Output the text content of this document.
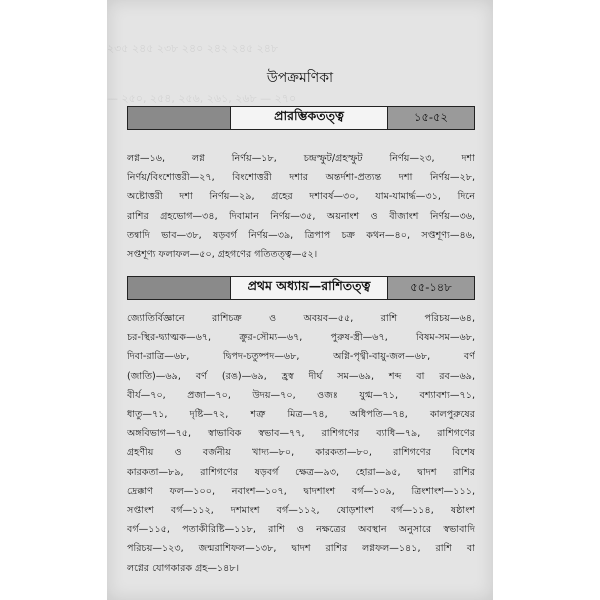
২৩৫ ২৪৫ ২৩৮ ২৪০ ২৪২ ২৪৫ ২৪৮
— ২৫০, ২৫৪, ২৫৬, ২৬১, ২৬৮ — ২৭০
উপক্রমণিকা
প্রারম্ভিকতত্ত্ব	১৫-৫২
লগ্ন—১৬, লগ্ন নির্ণয়—১৮, চন্দ্রস্ফুট/গ্রহস্ফুট নির্ণয়—২৩, দশা
নির্ণয়/বিংশোত্তরী—২৭, বিংশোত্তরী দশার অন্তর্দশা-প্রত্যন্ত দশা নির্ণয়—২৮,
অষ্টোত্তরী দশা নির্ণয়—২৯, গ্রহের দশাবর্ষ—৩০, যাম-যামার্দ্ধ—৩১, দিনে
রাশির গ্রহভোগ—৩৪, দিবামান নির্ণয়—৩৫, অয়নাংশ ও বীজাংশ নির্ণয়—৩৬,
তন্বাদি ভাব—৩৮, ষড়বর্গ নির্ণয়—৩৯, ত্রিপাপ চক্র কথন—৪০, সপ্তশূণ্য—৪৬,
সপ্তশূণ্য ফলাফল—৫০, গ্রহগণের গতিতত্ত্ব—৫২।
প্রথম অধ্যায়—রাশিতত্ত্ব	৫৫-১৪৮
জ্যোতির্বিজ্ঞানে রাশিচক্র ও অবয়ব—৫৫, রাশি পরিচয়—৬৪,
চর-স্থির-দ্ব্যাত্মক—৬৭, ক্রুর-সৌম্য—৬৭, পুরুষ-স্ত্রী—৬৭, বিষম-সম—৬৮,
দিবা-রাত্রি—৬৮, দ্বিপদ-চতুষ্পদ—৬৮, অগ্নি-পৃথ্বী-বায়ু-জল—৬৮, বর্ণ
(জাতি)—৬৯, বর্ণ (রঙ)—৬৯, হ্রস্ব দীর্ঘ সম—৬৯, শব্দ বা রব—৬৯,
বীর্য—৭০, প্রজা—৭০, উদয়—৭০, ওজঃ যুগ্ম—৭১, বশ্যাবশ্য—৭১,
ধাতু—৭১, দৃষ্টি—৭২, শত্রু মিত্র—৭৪, অধিপতি—৭৪, কালপুরুষের
অঙ্গবিভাগ—৭৫, স্বাভাবিক স্বভাব—৭৭, রাশিগণের ব্যাধি—৭৯, রাশিগণের
গ্রহণীয় ও বর্জনীয় খাদ্য—৮০, কারকতা—৮০, রাশিগণের বিশেষ
কারকতা—৮৯, রাশিগণের ষড়বর্গ ক্ষেত্র—৯৩, হোরা—৯৫, দ্বাদশ রাশির
দ্রেক্কাণ ফল—১০০, নবাংশ—১০৭, দ্বাদশাংশ বর্গ—১০৯, ত্রিংশাংশ—১১১,
সপ্তাংশ বর্গ—১১২, দশমাংশ বর্গ—১১২, ষোড়শাংশ বর্গ—১১৪, ষষ্ঠাংশ
বর্গ—১১৫, পতাকীরিষ্টি—১১৮, রাশি ও নক্ষত্রের অবস্থান অনুসারে স্বভাবাদি
পরিচয়—১২৩, জন্মরাশিফল—১৩৮, দ্বাদশ রাশির লগ্নফল—১৪১, রাশি বা
লগ্নের যোগকারক গ্রহ—১৪৮।
